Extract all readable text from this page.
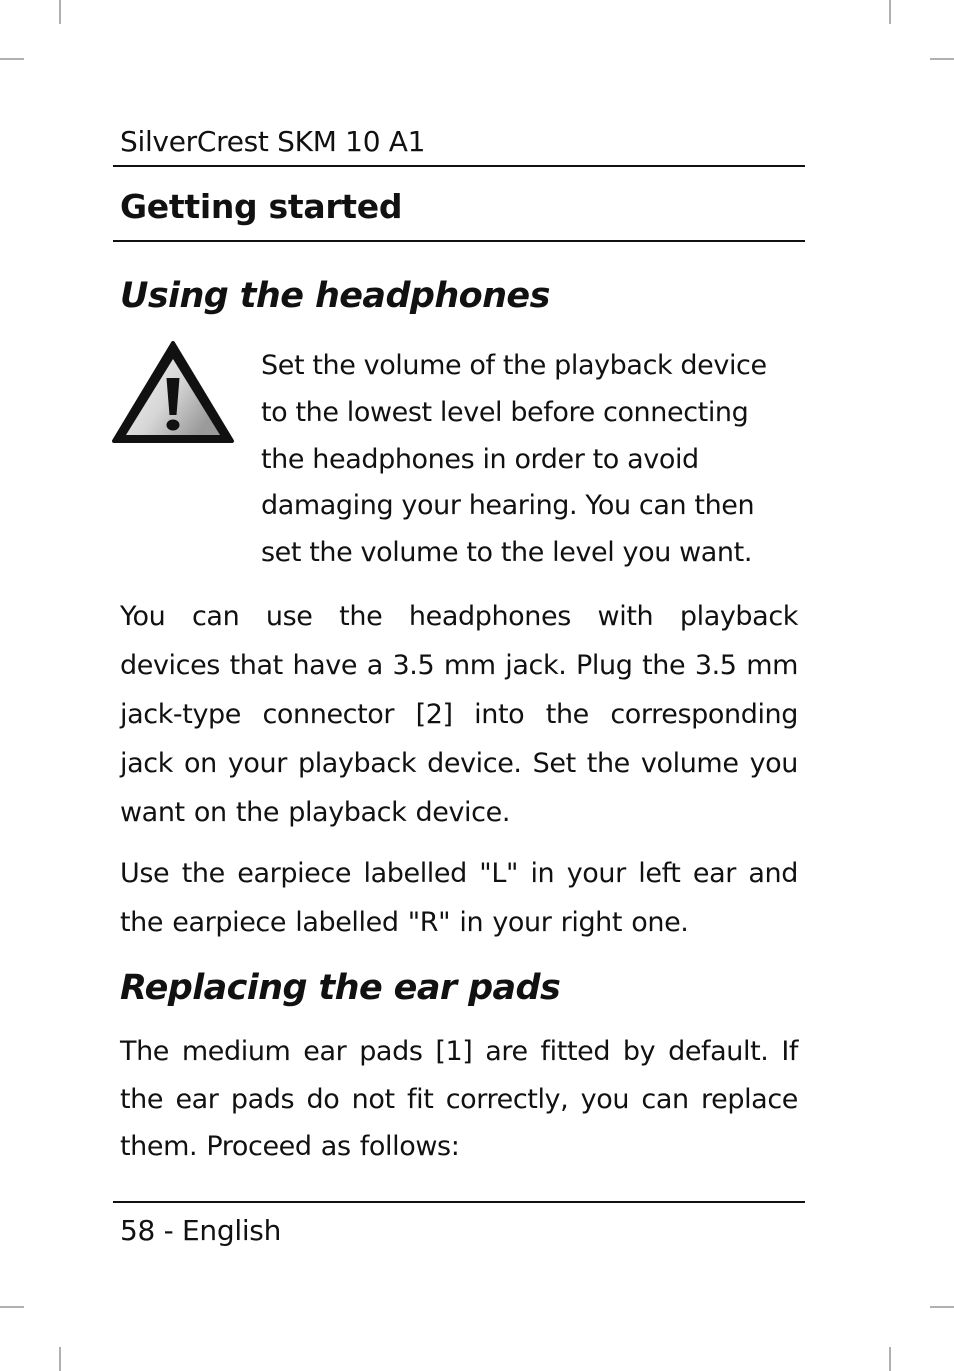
SilverCrest SKM 10 A1
Getting started
Using the headphones
Set the volume of the playback device
to the lowest level before connecting
the headphones in order to avoid
damaging your hearing. You can then
set the volume to the level you want.

You can use the headphones with playback devices that have a 3.5 mm jack. Plug the 3.5 mm jack-type connector [2] into the corresponding jack on your playback device. Set the volume you want on the playback device.

Use the earpiece labelled "L" in your left ear and the earpiece labelled "R" in your right one.

Replacing the ear pads

The medium ear pads [1] are fitted by default. If the ear pads do not fit correctly, you can replace them. Proceed as follows:

58 - English
